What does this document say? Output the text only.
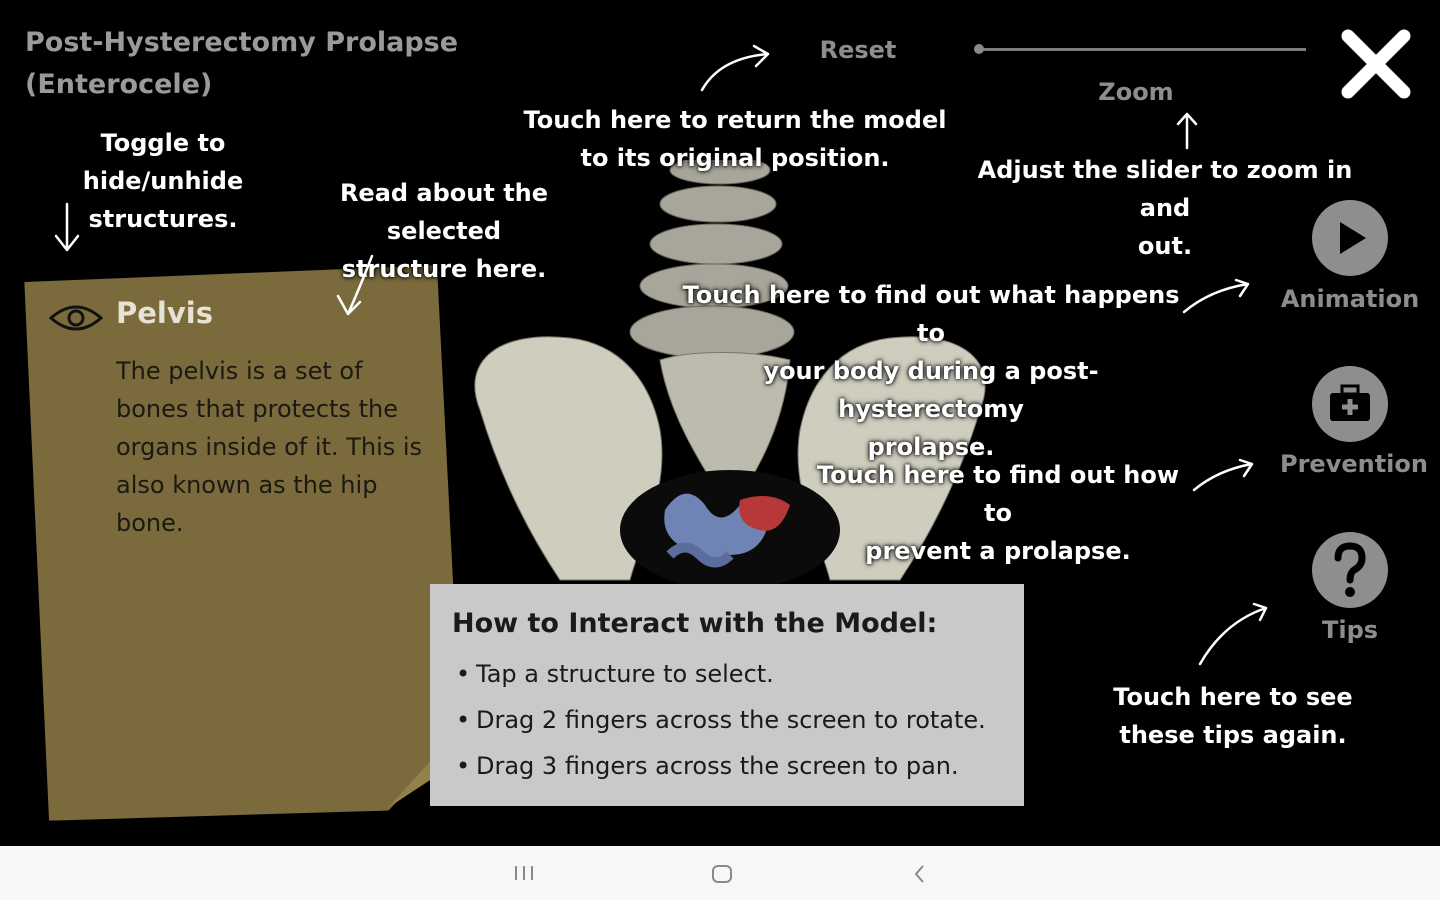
Post-Hysterectomy Prolapse
(Enterocele)
Pelvis
The pelvis is a set of
bones that protects the
organs inside of it. This is
also known as the hip
bone.
How to Interact with the Model:
• Tap a structure to select.
• Drag 2 fingers across the screen to rotate.
• Drag 3 fingers across the screen to pan.
Toggle to hide/unhide
structures.
Read about the selected
structure here.
Touch here to return the model
to its original position.	Adjust the slider to zoom in and
out.
Touch here to find out what happens to
your body during a post-hysterectomy
prolapse.
Touch here to find out how to
prevent a prolapse.
Touch here to see
these tips again.
Reset
Zoom
Animation
Prevention
Tips
